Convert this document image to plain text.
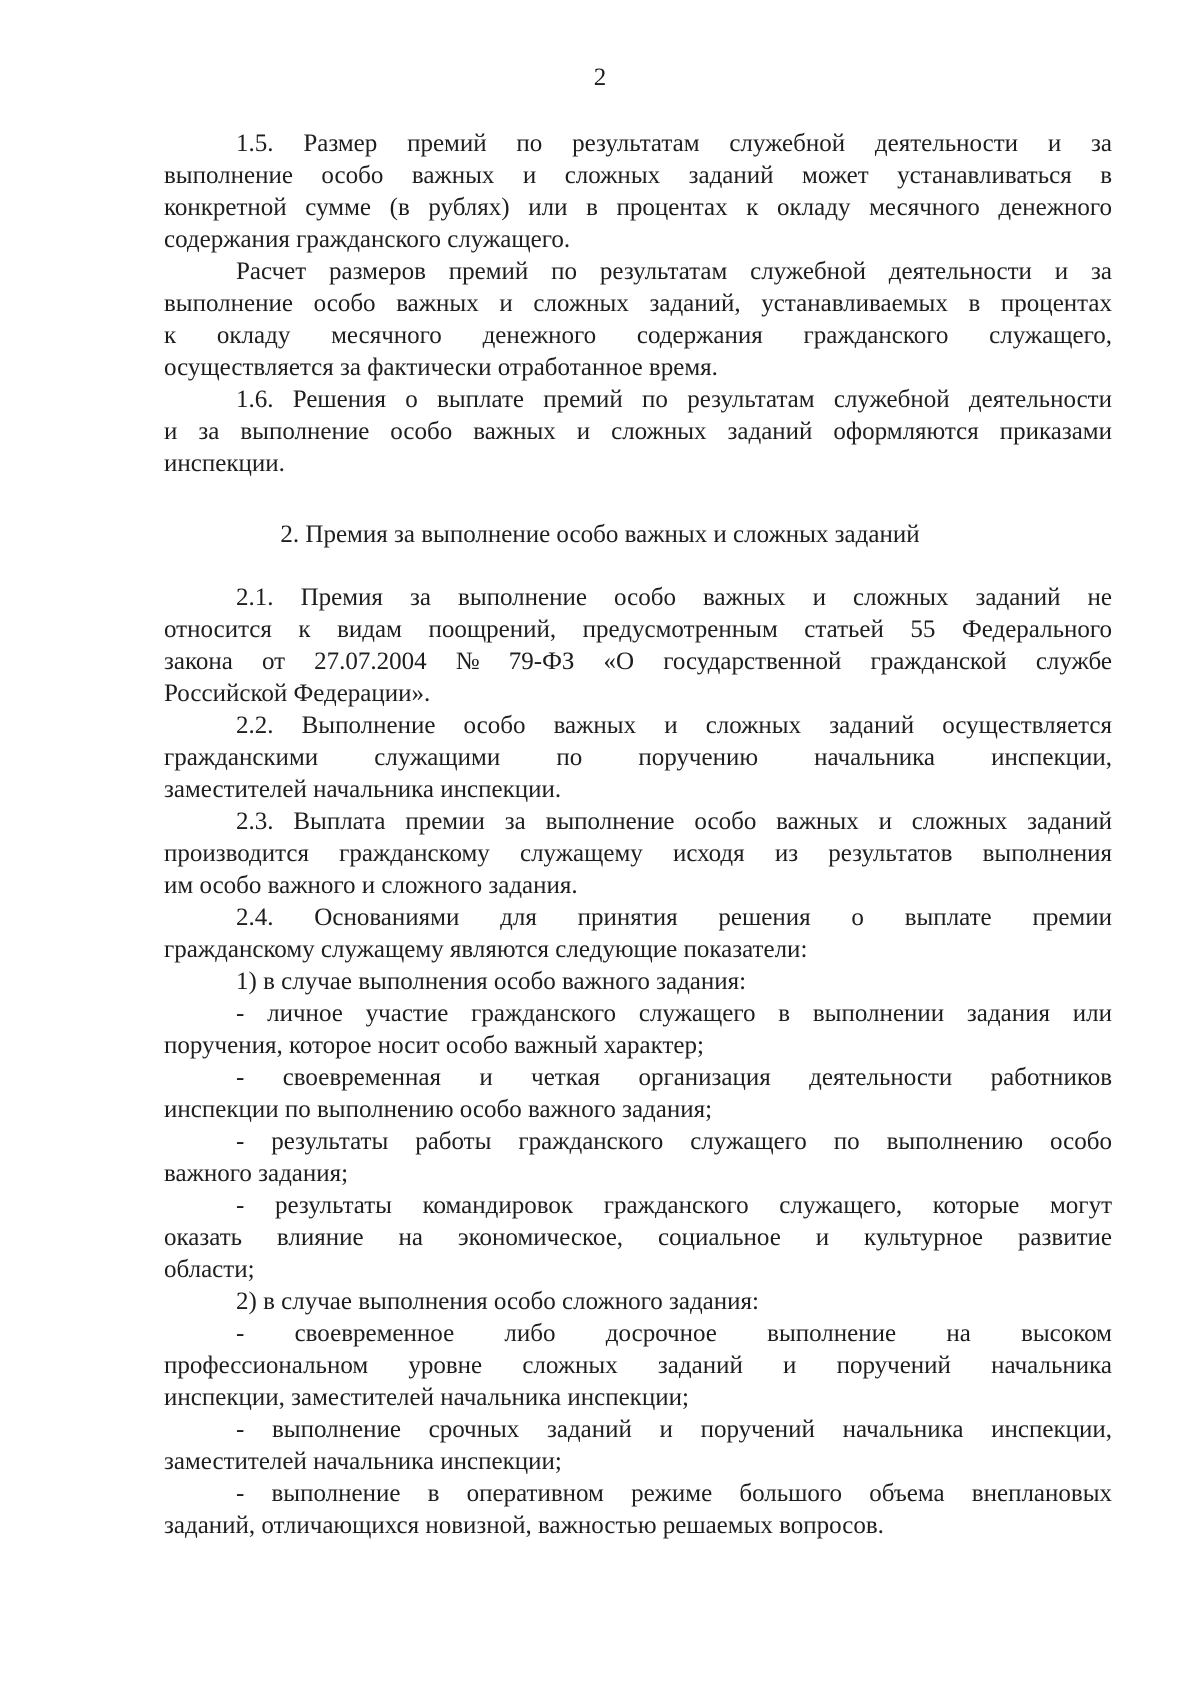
2
1.5. Размер премий по результатам служебной деятельности и за
выполнение особо важных и сложных заданий может устанавливаться в
конкретной сумме (в рублях) или в процентах к окладу месячного денежного
содержания гражданского служащего.
Расчет размеров премий по результатам служебной деятельности и за
выполнение особо важных и сложных заданий, устанавливаемых в процентах
к окладу месячного денежного содержания гражданского служащего,
осуществляется за фактически отработанное время.
1.6. Решения о выплате премий по результатам служебной деятельности
и за выполнение особо важных и сложных заданий оформляются приказами
инспекции.
2. Премия за выполнение особо важных и сложных заданий
2.1. Премия за выполнение особо важных и сложных заданий не
относится к видам поощрений, предусмотренным статьей 55 Федерального
закона от 27.07.2004 № 79-ФЗ «О государственной гражданской службе
Российской Федерации».
2.2. Выполнение особо важных и сложных заданий осуществляется
гражданскими служащими по поручению начальника инспекции,
заместителей начальника инспекции.
2.3. Выплата премии за выполнение особо важных и сложных заданий
производится гражданскому служащему исходя из результатов выполнения
им особо важного и сложного задания.
2.4. Основаниями для принятия решения о выплате премии
гражданскому служащему являются следующие показатели:
1) в случае выполнения особо важного задания:
- личное участие гражданского служащего в выполнении задания или
поручения, которое носит особо важный характер;
- своевременная и четкая организация деятельности работников
инспекции по выполнению особо важного задания;
- результаты работы гражданского служащего по выполнению особо
важного задания;
- результаты командировок гражданского служащего, которые могут
оказать влияние на экономическое, социальное и культурное развитие
области;
2) в случае выполнения особо сложного задания:
- своевременное либо досрочное выполнение на высоком
профессиональном уровне сложных заданий и поручений начальника
инспекции, заместителей начальника инспекции;
- выполнение срочных заданий и поручений начальника инспекции,
заместителей начальника инспекции;
- выполнение в оперативном режиме большого объема внеплановых
заданий, отличающихся новизной, важностью решаемых вопросов.
